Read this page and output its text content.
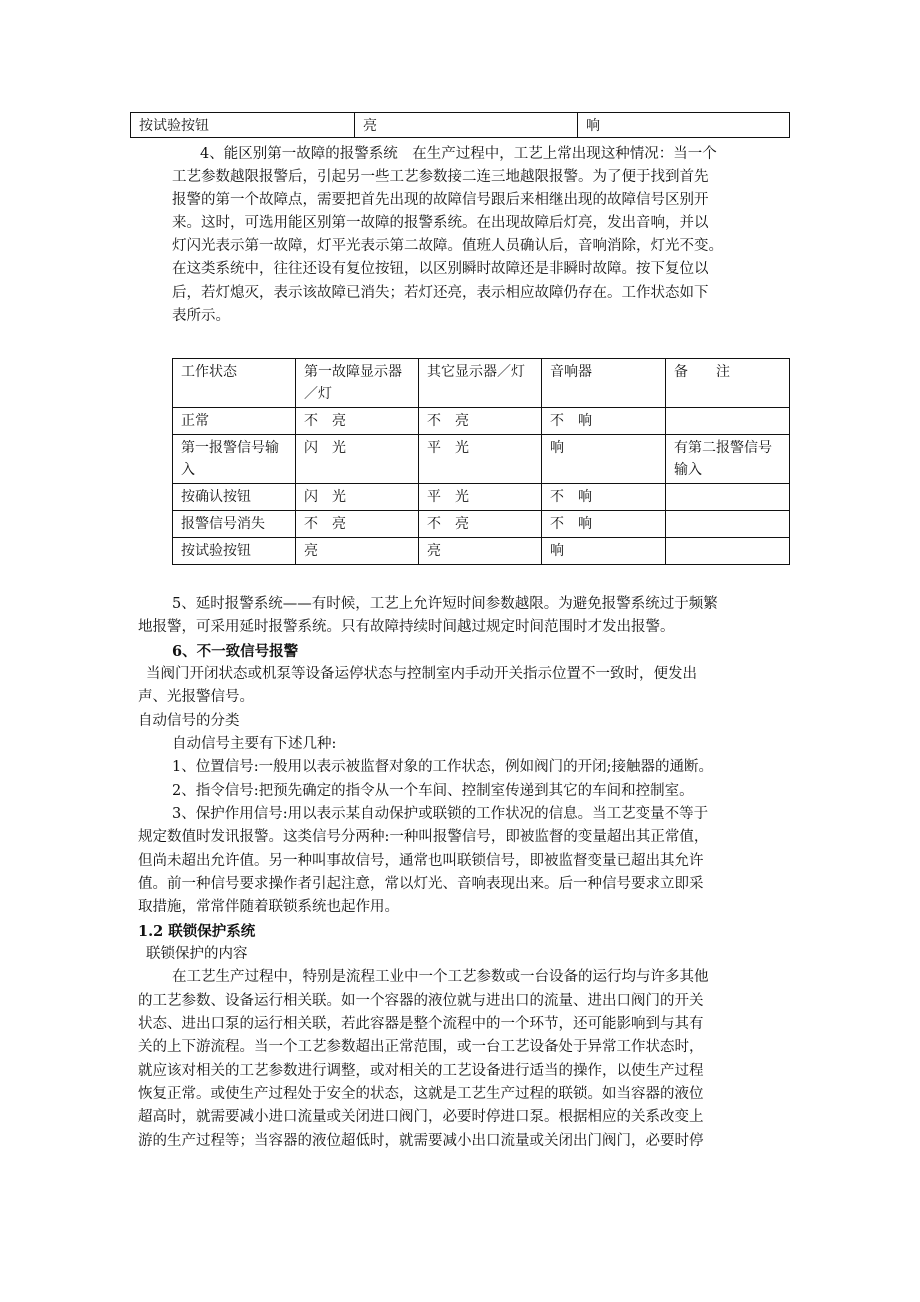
按试验按钮	亮	响
4、能区别第一故障的报警系统　在生产过程中，工艺上常出现这种情况：当一个
工艺参数越限报警后，引起另一些工艺参数接二连三地越限报警。为了便于找到首先
报警的第一个故障点，需要把首先出现的故障信号跟后来相继出现的故障信号区别开
来。这时，可选用能区别第一故障的报警系统。在出现故障后灯亮，发出音响，并以
灯闪光表示第一故障，灯平光表示第二故障。值班人员确认后，音响消除，灯光不变。
在这类系统中，往往还设有复位按钮，以区别瞬时故障还是非瞬时故障。按下复位以
后，若灯熄灭，表示该故障已消失；若灯还亮，表示相应故障仍存在。工作状态如下
表所示。
工作状态	第一故障显示器／灯	其它显示器／灯	音响器	备　　注
正常	不　亮	不　亮	不　响	
第一报警信号输入	闪　光	平　光	响	有第二报警信号输入
按确认按钮	闪　光	平　光	不　响	
报警信号消失	不　亮	不　亮	不　响	
按试验按钮	亮	亮	响	
5、延时报警系统——有时候，工艺上允许短时间参数越限。为避免报警系统过于频繁
地报警，可采用延时报警系统。只有故障持续时间越过规定时间范围时才发出报警。
6、不一致信号报警
当阀门开闭状态或机泵等设备运停状态与控制室内手动开关指示位置不一致时，便发出
声、光报警信号。
自动信号的分类
自动信号主要有下述几种:
1、位置信号:一般用以表示被监督对象的工作状态，例如阀门的开闭;接触器的通断。
2、指令信号:把预先确定的指令从一个车间、控制室传递到其它的车间和控制室。
3、保护作用信号:用以表示某自动保护或联锁的工作状况的信息。当工艺变量不等于
规定数值时发讯报警。这类信号分两种:一种叫报警信号，即被监督的变量超出其正常值，
但尚未超出允许值。另一种叫事故信号，通常也叫联锁信号，即被监督变量已超出其允许
值。前一种信号要求操作者引起注意，常以灯光、音响表现出来。后一种信号要求立即采
取措施，常常伴随着联锁系统也起作用。
1.2 联锁保护系统
联锁保护的内容
在工艺生产过程中，特别是流程工业中一个工艺参数或一台设备的运行均与许多其他
的工艺参数、设备运行相关联。如一个容器的液位就与进出口的流量、进出口阀门的开关
状态、进出口泵的运行相关联，若此容器是整个流程中的一个环节，还可能影响到与其有
关的上下游流程。当一个工艺参数超出正常范围，或一台工艺设备处于异常工作状态时，
就应该对相关的工艺参数进行调整，或对相关的工艺设备进行适当的操作，以使生产过程
恢复正常。或使生产过程处于安全的状态，这就是工艺生产过程的联锁。如当容器的液位
超高时，就需要减小进口流量或关闭进口阀门，必要时停进口泵。根据相应的关系改变上
游的生产过程等；当容器的液位超低时，就需要减小出口流量或关闭出门阀门，必要时停
